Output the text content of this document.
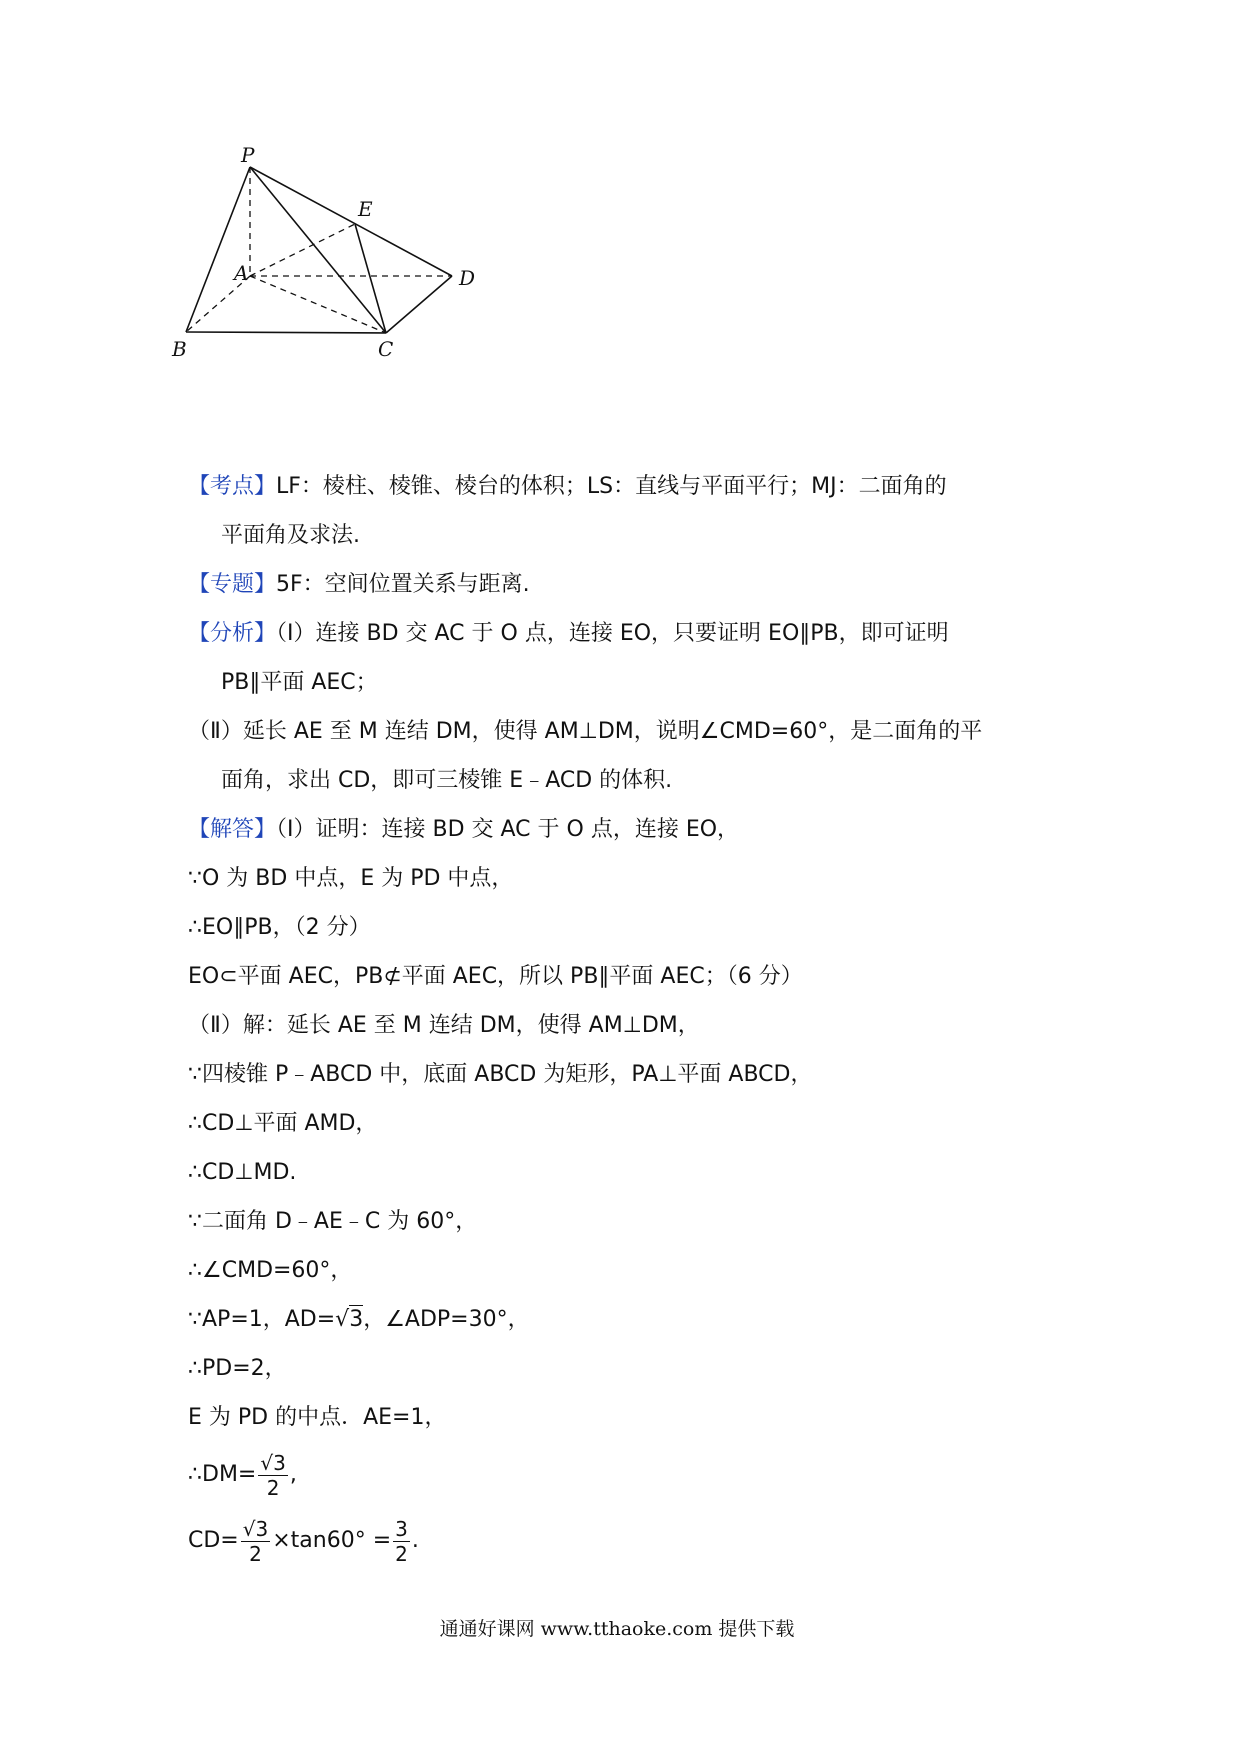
P
E
A	D
B	C
【考点】LF：棱柱、棱锥、棱台的体积；LS：直线与平面平行；MJ：二面角的
平面角及求法.
【专题】5F：空间位置关系与距离.
【分析】（Ⅰ）连接 BD 交 AC 于 O 点，连接 EO，只要证明 EO∥PB，即可证明
PB∥平面 AEC；
（Ⅱ）延长 AE 至 M 连结 DM，使得 AM⊥DM，说明∠CMD=60°，是二面角的平
面角，求出 CD，即可三棱锥 E﹣ACD 的体积.
【解答】（Ⅰ）证明：连接 BD 交 AC 于 O 点，连接 EO，
∵O 为 BD 中点，E 为 PD 中点，
∴EO∥PB，（2 分）
EO⊂平面 AEC，PB⊄平面 AEC，所以 PB∥平面 AEC；（6 分）
（Ⅱ）解：延长 AE 至 M 连结 DM，使得 AM⊥DM，
∵四棱锥 P﹣ABCD 中，底面 ABCD 为矩形，PA⊥平面 ABCD，
∴CD⊥平面 AMD，
∴CD⊥MD.
∵二面角 D﹣AE﹣C 为 60°，
∴∠CMD=60°，
∵AP=1，AD=√3，∠ADP=30°，
∴PD=2，
E 为 PD 的中点．AE=1，
∴DM= $\frac{√3}{2}$ ,
$CD= \frac{√3}{2} \times\tan 60^\circ = \frac{3}{2}$ .
通通好课网 www.tthaoke.com 提供下载
